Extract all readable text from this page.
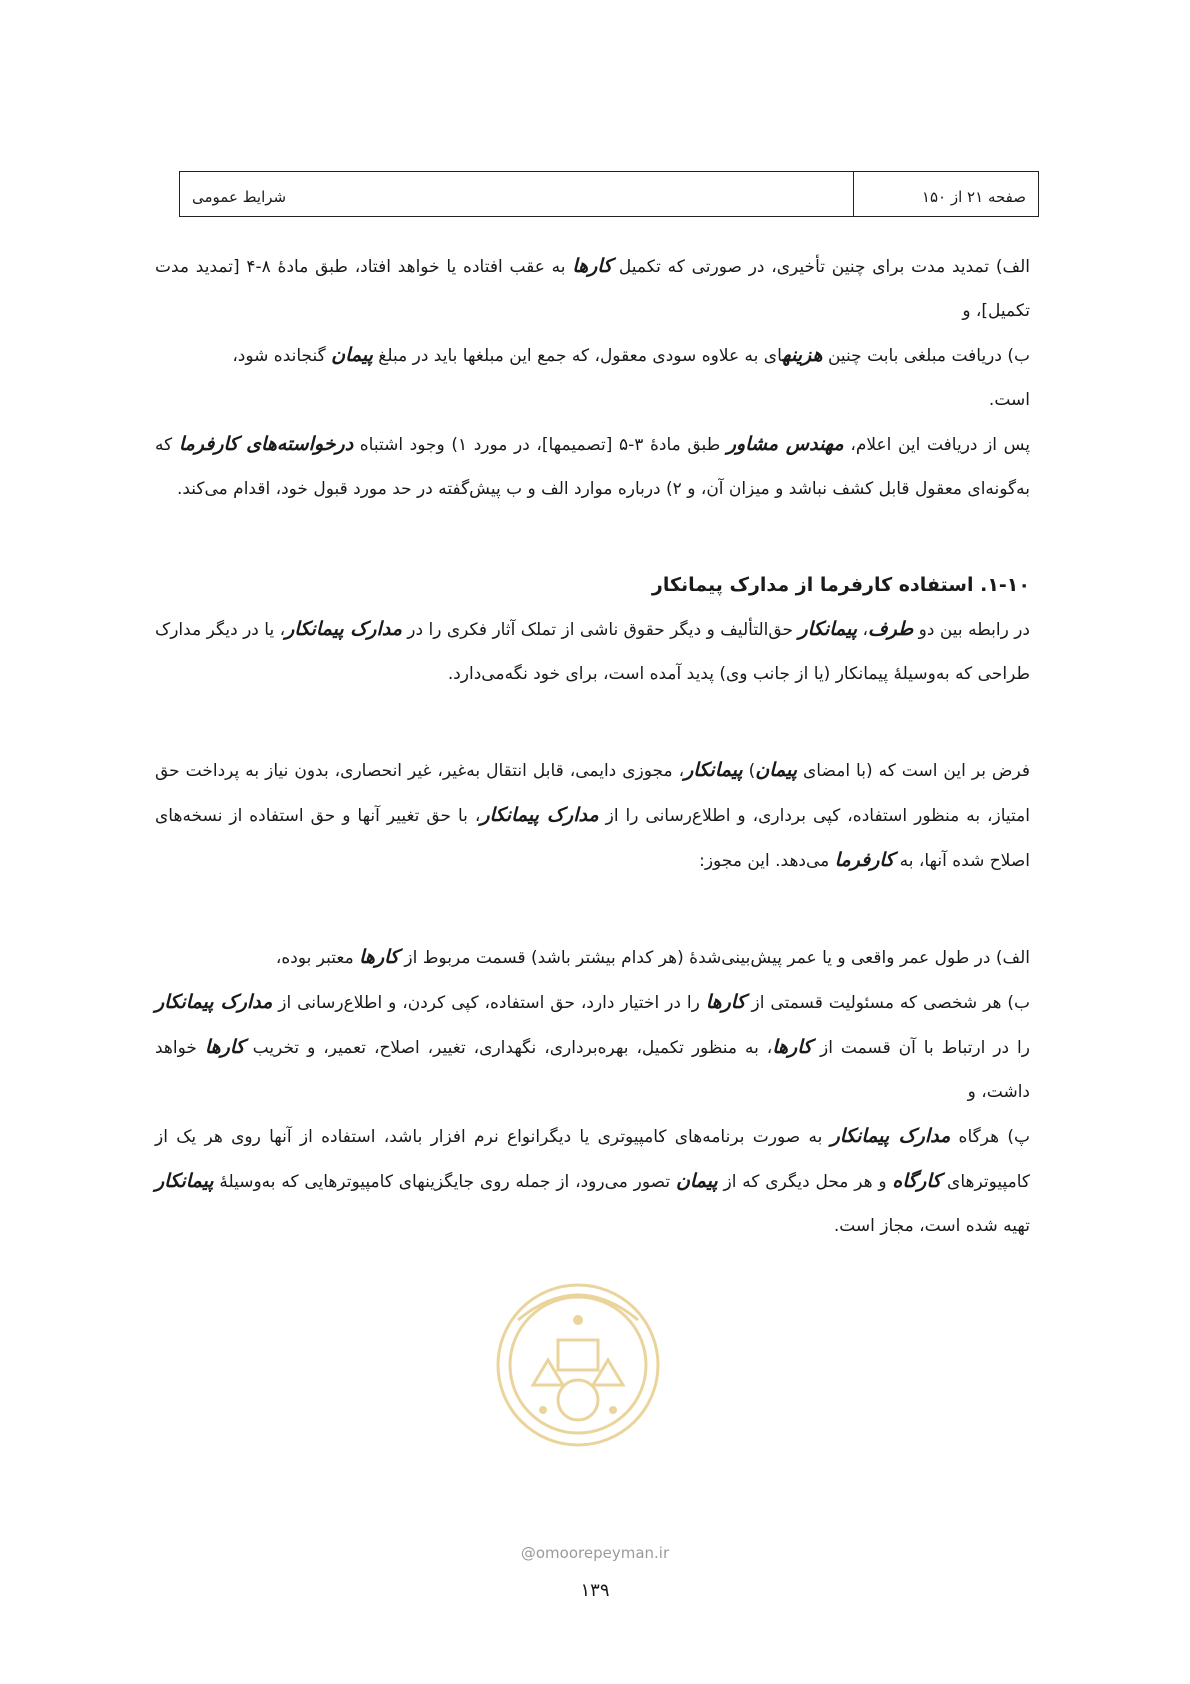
صفحه ۲۱ از ۱۵۰
شرایط عمومی

الف) تمدید مدت برای چنین تأخیری، در صورتی که تکمیل کارها به عقب افتاده یا خواهد افتاد، طبق مادۀ ۸-۴ [تمدید مدت تکمیل]، و

ب) دریافت مبلغی بابت چنین هزینهای به علاوه سودی معقول، که جمع این مبلغها باید در مبلغ پیمان گنجانده شود،

است.

پس از دریافت این اعلام، مهندس مشاور طبق مادۀ ۳-۵ [تصمیمها]، در مورد ۱) وجود اشتباه درخواسته‌های کارفرما که به‌گونه‌ای معقول قابل کشف نباشد و میزان آن، و ۲) درباره موارد الف و ب پیش‌گفته در حد مورد قبول خود، اقدام می‌کند.

۱-۱۰. استفاده کارفرما از مدارک پیمانکار

در رابطه بین دو طرف، پیمانکار حق‌التألیف و دیگر حقوق ناشی از تملک آثار فکری را در مدارک پیمانکار، یا در دیگر مدارک طراحی که به‌وسیلۀ پیمانکار (یا از جانب وی) پدید آمده است، برای خود نگه‌می‌دارد.

فرض بر این است که (با امضای پیمان) پیمانکار، مجوزی دایمی، قابل انتقال به‌غیر، غیر انحصاری، بدون نیاز به پرداخت حق امتیاز، به منظور استفاده، کپی برداری، و اطلاع‌رسانی را از مدارک پیمانکار، با حق تغییر آنها و حق استفاده از نسخه‌های اصلاح شده آنها، به کارفرما می‌دهد. این مجوز:

الف) در طول عمر واقعی و یا عمر پیش‌بینی‌شدۀ (هر کدام بیشتر باشد) قسمت مربوط از کارها معتبر بوده،

ب) هر شخصی که مسئولیت قسمتی از کارها را در اختیار دارد، حق استفاده، کپی کردن، و اطلاع‌رسانی از مدارک پیمانکار را در ارتباط با آن قسمت از کارها، به منظور تکمیل، بهره‌برداری، نگهداری، تغییر، اصلاح، تعمیر، و تخریب کارها خواهد داشت، و

پ) هرگاه مدارک پیمانکار به صورت برنامه‌های کامپیوتری یا دیگرانواع نرم افزار باشد، استفاده از آنها روی هر یک از کامپیوترهای کارگاه و هر محل دیگری که از پیمان تصور می‌رود، از جمله روی جایگزینهای کامپیوترهایی که به‌وسیلۀ پیمانکار تهیه شده است، مجاز است.

@omoorepeyman.ir
۱۳۹
